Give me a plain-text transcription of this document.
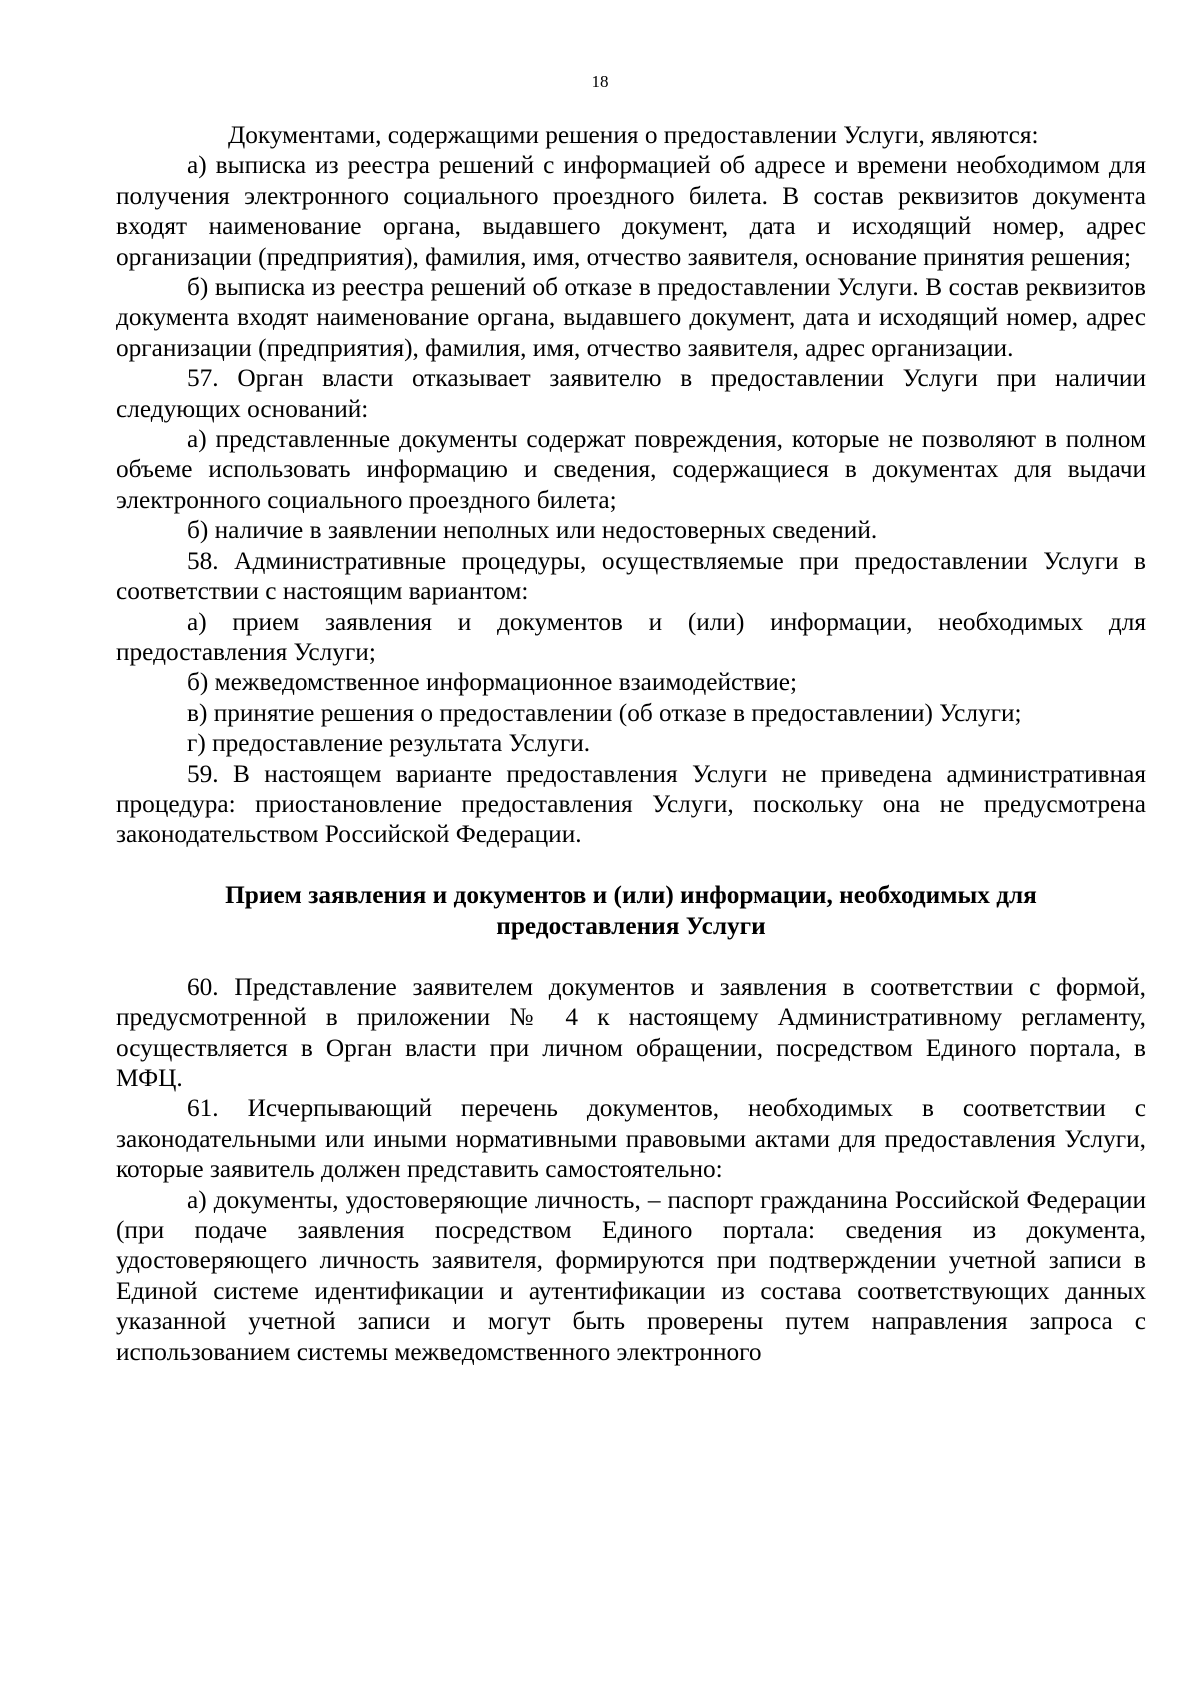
18

Документами, содержащими решения о предоставлении Услуги, являются:

а) выписка из реестра решений с информацией об адресе и времени необходимом для получения электронного социального проездного билета. В состав реквизитов документа входят наименование органа, выдавшего документ, дата и исходящий номер, адрес организации (предприятия), фамилия, имя, отчество заявителя, основание принятия решения;

б) выписка из реестра решений об отказе в предоставлении Услуги. В состав реквизитов документа входят наименование органа, выдавшего документ, дата и исходящий номер, адрес организации (предприятия), фамилия, имя, отчество заявителя, адрес организации.

57. Орган власти отказывает заявителю в предоставлении Услуги при наличии следующих оснований:

а) представленные документы содержат повреждения, которые не позволяют в полном объеме использовать информацию и сведения, содержащиеся в документах для выдачи электронного социального проездного билета;

б) наличие в заявлении неполных или недостоверных сведений.

58. Административные процедуры, осуществляемые при предоставлении Услуги в соответствии с настоящим вариантом:

а) прием заявления и документов и (или) информации, необходимых для предоставления Услуги;

б) межведомственное информационное взаимодействие;

в) принятие решения о предоставлении (об отказе в предоставлении) Услуги;

г) предоставление результата Услуги.

59. В настоящем варианте предоставления Услуги не приведена административная процедура: приостановление предоставления Услуги, поскольку она не предусмотрена законодательством Российской Федерации.

Прием заявления и документов и (или) информации, необходимых для предоставления Услуги

60. Представление заявителем документов и заявления в соответствии с формой, предусмотренной в приложении № 4 к настоящему Административному регламенту, осуществляется в Орган власти при личном обращении, посредством Единого портала, в МФЦ.

61. Исчерпывающий перечень документов, необходимых в соответствии с законодательными или иными нормативными правовыми актами для предоставления Услуги, которые заявитель должен представить самостоятельно:

а) документы, удостоверяющие личность, – паспорт гражданина Российской Федерации (при подаче заявления посредством Единого портала: сведения из документа, удостоверяющего личность заявителя, формируются при подтверждении учетной записи в Единой системе идентификации и аутентификации из состава соответствующих данных указанной учетной записи и могут быть проверены путем направления запроса с использованием системы межведомственного электронного
